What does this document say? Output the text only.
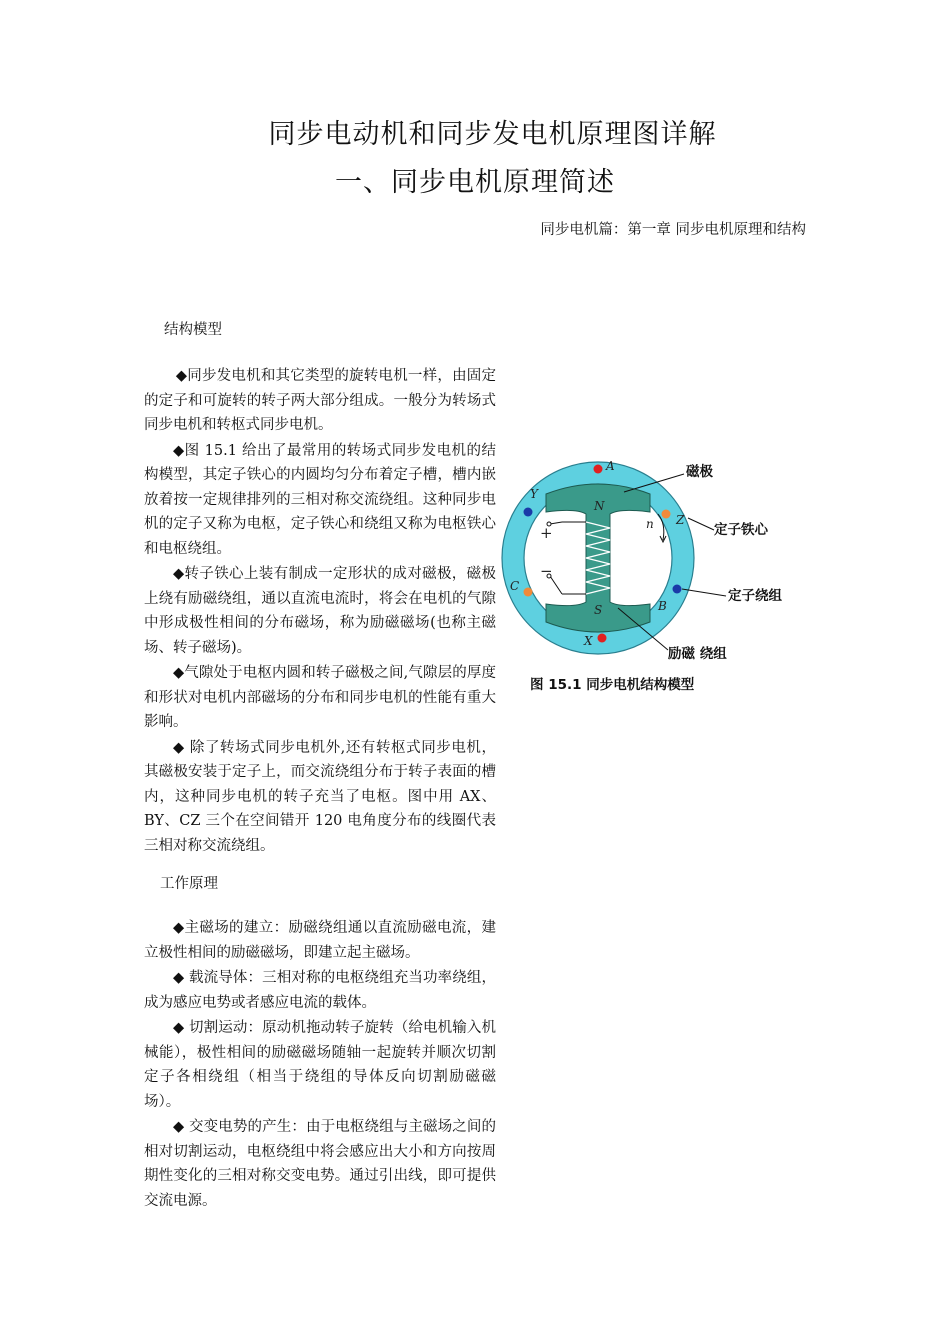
同步电动机和同步发电机原理图详解
一、同步电机原理简述
同步电机篇：第一章 同步电机原理和结构
结构模型

◆同步发电机和其它类型的旋转电机一样，由固定的定子和可旋转的转子两大部分组成。一般分为转场式同步电机和转枢式同步电机。

◆图 15.1 给出了最常用的转场式同步发电机的结构模型，其定子铁心的内圆均匀分布着定子槽，槽内嵌放着按一定规律排列的三相对称交流绕组。这种同步电机的定子又称为电枢，定子铁心和绕组又称为电枢铁心和电枢绕组。

◆转子铁心上装有制成一定形状的成对磁极，磁极上绕有励磁绕组，通以直流电流时，将会在电机的气隙中形成极性相间的分布磁场，称为励磁磁场(也称主磁场、转子磁场)。

◆气隙处于电枢内圆和转子磁极之间,气隙层的厚度和形状对电机内部磁场的分布和同步电机的性能有重大影响。

◆ 除了转场式同步电机外,还有转枢式同步电机，其磁极安装于定子上，而交流绕组分布于转子表面的槽内，这种同步电机的转子充当了电枢。图中用 AX、BY、CZ 三个在空间错开 120 电角度分布的线圈代表三相对称交流绕组。

工作原理

◆主磁场的建立：励磁绕组通以直流励磁电流，建立极性相间的励磁磁场，即建立起主磁场。

◆ 载流导体：三相对称的电枢绕组充当功率绕组，成为感应电势或者感应电流的载体。

◆ 切割运动：原动机拖动转子旋转（给电机输入机械能），极性相间的励磁磁场随轴一起旋转并顺次切割定子各相绕组（相当于绕组的导体反向切割励磁磁场）。

◆ 交变电势的产生：由于电枢绕组与主磁场之间的相对切割运动，电枢绕组中将会感应出大小和方向按周期性变化的三相对称交变电势。通过引出线，即可提供交流电源。

+
−
N
S
n
A
X
Y
B
C
Z
磁极
定子铁心
定子绕组
励磁 绕组
图 15.1 同步电机结构模型
